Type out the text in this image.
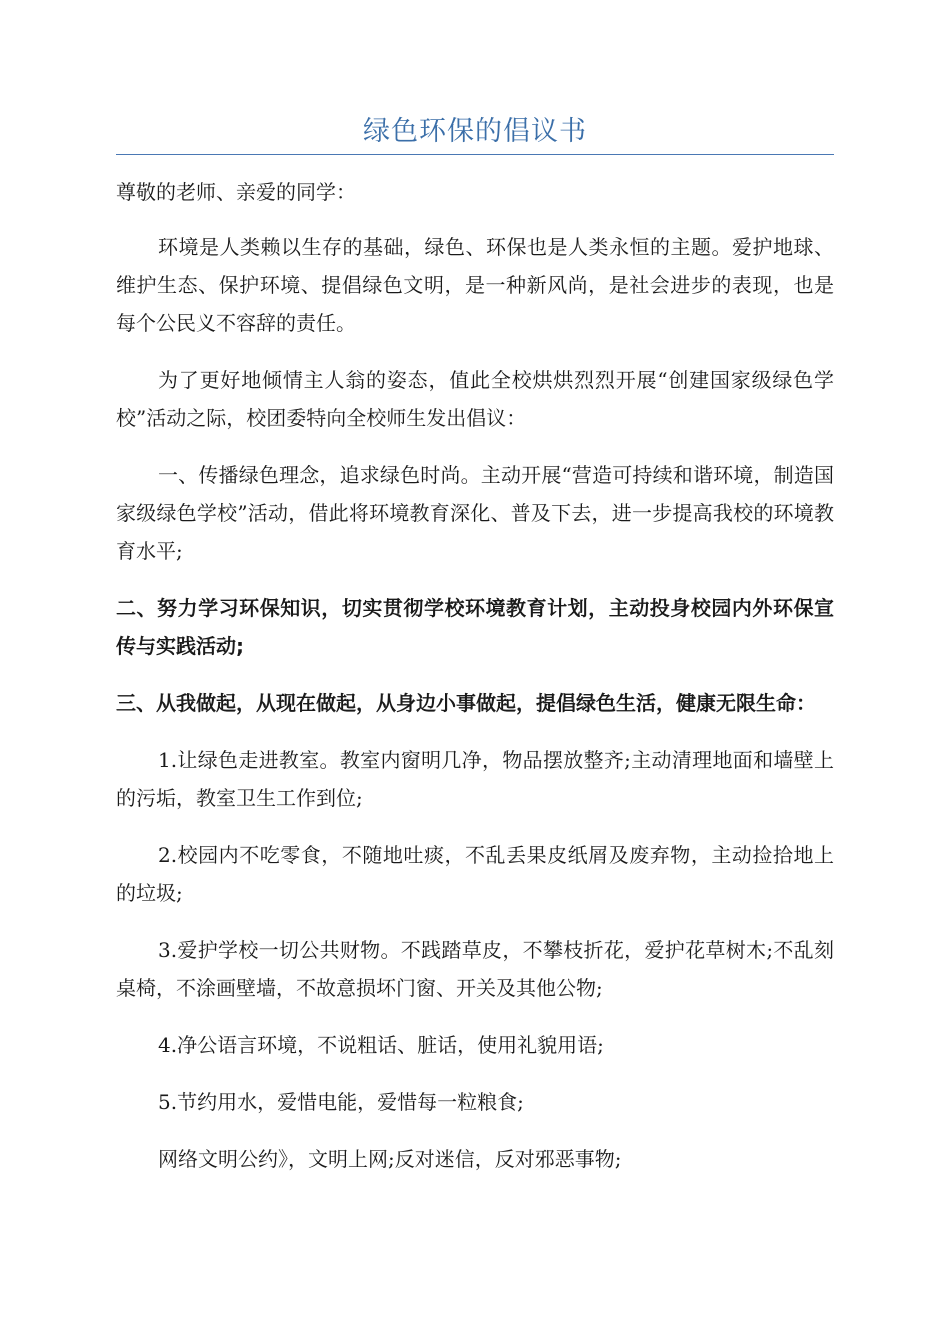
绿色环保的倡议书

尊敬的老师、亲爱的同学：

环境是人类赖以生存的基础，绿色、环保也是人类永恒的主题。爱护地球、维护生态、保护环境、提倡绿色文明，是一种新风尚，是社会进步的表现，也是每个公民义不容辞的责任。

为了更好地倾情主人翁的姿态，值此全校烘烘烈烈开展“创建国家级绿色学校”活动之际，校团委特向全校师生发出倡议：

一、传播绿色理念，追求绿色时尚。主动开展“营造可持续和谐环境，制造国家级绿色学校”活动，借此将环境教育深化、普及下去，进一步提高我校的环境教育水平;

二、努力学习环保知识，切实贯彻学校环境教育计划，主动投身校园内外环保宣传与实践活动;

三、从我做起，从现在做起，从身边小事做起，提倡绿色生活，健康无限生命：

1.让绿色走进教室。教室内窗明几净，物品摆放整齐;主动清理地面和墙壁上的污垢，教室卫生工作到位;

2.校园内不吃零食，不随地吐痰，不乱丢果皮纸屑及废弃物，主动捡拾地上的垃圾;

3.爱护学校一切公共财物。不践踏草皮，不攀枝折花，爱护花草树木;不乱刻桌椅，不涂画壁墙，不故意损坏门窗、开关及其他公物;

4.净公语言环境，不说粗话、脏话，使用礼貌用语;

5.节约用水，爱惜电能，爱惜每一粒粮食;

网络文明公约》，文明上网;反对迷信，反对邪恶事物;
